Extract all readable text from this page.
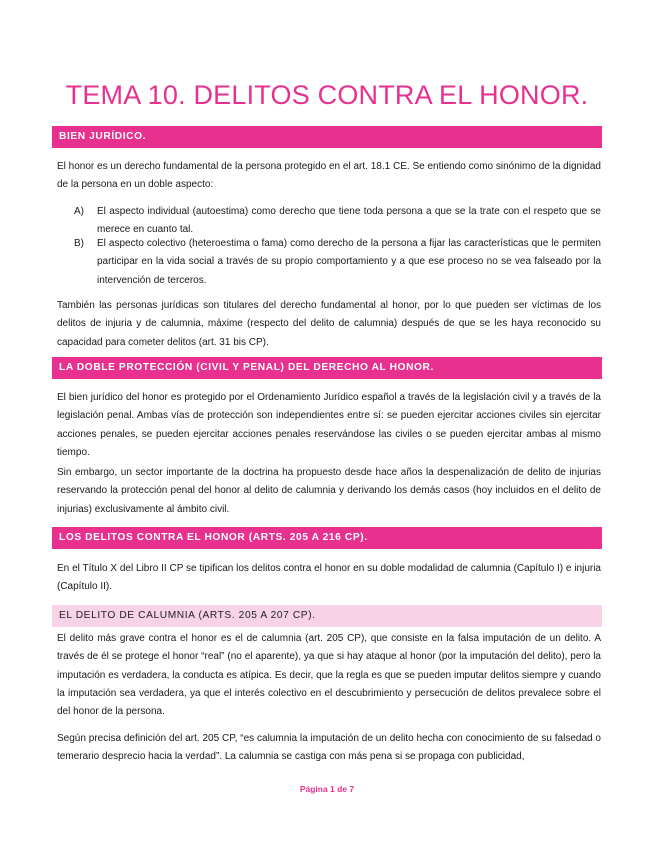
TEMA 10. DELITOS CONTRA EL HONOR.
BIEN JURÍDICO.

El honor es un derecho fundamental de la persona protegido en el art. 18.1 CE. Se entiendo como sinónimo de la dignidad de la persona en un doble aspecto:

A) El aspecto individual (autoestima) como derecho que tiene toda persona a que se la trate con el respeto que se merece en cuanto tal.
B) El aspecto colectivo (heteroestima o fama) como derecho de la persona a fijar las características que le permiten participar en la vida social a través de su propio comportamiento y a que ese proceso no se vea falseado por la intervención de terceros.

También las personas jurídicas son titulares del derecho fundamental al honor, por lo que pueden ser víctimas de los delitos de injuria y de calumnia, máxime (respecto del delito de calumnia) después de que se les haya reconocido su capacidad para cometer delitos (art. 31 bis CP).

LA DOBLE PROTECCIÓN (CIVIL Y PENAL) DEL DERECHO AL HONOR.

El bien jurídico del honor es protegido por el Ordenamiento Jurídico español a través de la legislación civil y a través de la legislación penal. Ambas vías de protección son independientes entre sí: se pueden ejercitar acciones civiles sin ejercitar acciones penales, se pueden ejercitar acciones penales reservándose las civiles o se pueden ejercitar ambas al mismo tiempo.

Sin embargo, un sector importante de la doctrina ha propuesto desde hace años la despenalización de delito de injurias reservando la protección penal del honor al delito de calumnia y derivando los demás casos (hoy incluidos en el delito de injurias) exclusivamente al ámbito civil.

LOS DELITOS CONTRA EL HONOR (ARTS. 205 A 216 CP).

En el Título X del Libro II CP se tipifican los delitos contra el honor en su doble modalidad de calumnia (Capítulo I) e injuria (Capítulo II).

EL DELITO DE CALUMNIA (ARTS. 205 A 207 CP).

El delito más grave contra el honor es el de calumnia (art. 205 CP), que consiste en la falsa imputación de un delito. A través de él se protege el honor “real” (no el aparente), ya que si hay ataque al honor (por la imputación del delito), pero la imputación es verdadera, la conducta es atípica. Es decir, que la regla es que se pueden imputar delitos siempre y cuando la imputación sea verdadera, ya que el interés colectivo en el descubrimiento y persecución de delitos prevalece sobre el del honor de la persona.

Según precisa definición del art. 205 CP, “es calumnia la imputación de un delito hecha con conocimiento de su falsedad o temerario desprecio hacia la verdad”. La calumnia se castiga con más pena si se propaga con publicidad,

Página 1 de 7
